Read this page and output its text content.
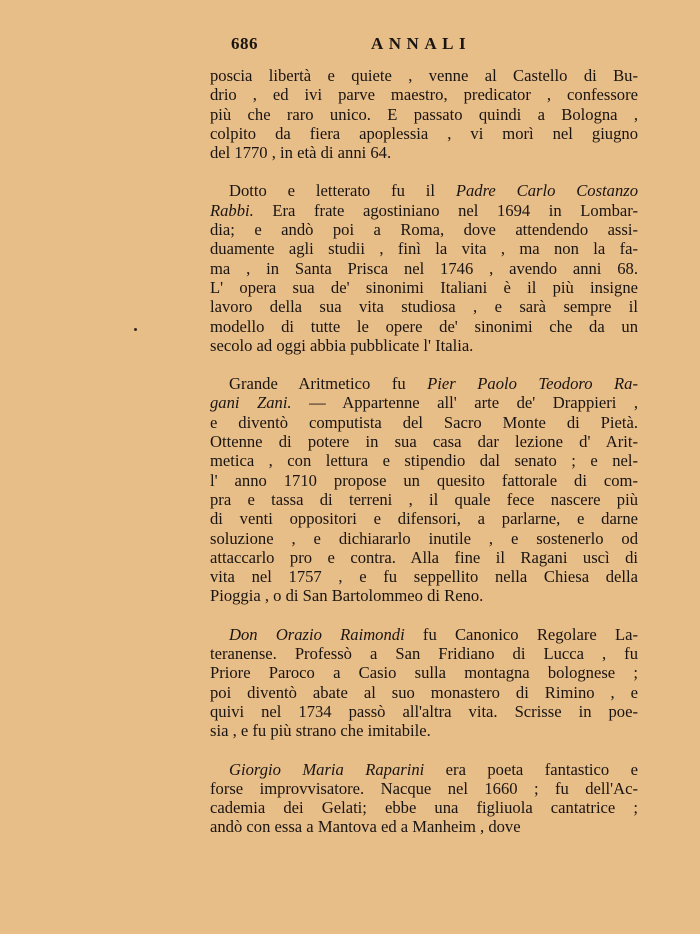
686	ANNALI
poscia libertà e quiete , venne al Castello di Bu-
drio , ed ivi parve maestro, predicator , confessore
più che raro unico. E passato quindi a Bologna ,
colpito da fiera apoplessia , vi morì nel giugno
del 1770 , in età di anni 64.
Dotto e letterato fu il Padre Carlo Costanzo
Rabbi. Era frate agostiniano nel 1694 in Lombar-
dia; e andò poi a Roma, dove attendendo assi-
duamente agli studii , finì la vita , ma non la fa-
ma , in Santa Prisca nel 1746 , avendo anni 68.
L' opera sua de' sinonimi Italiani è il più insigne
lavoro della sua vita studiosa , e sarà sempre il
modello di tutte le opere de' sinonimi che da un
secolo ad oggi abbia pubblicate l' Italia.
Grande Aritmetico fu Pier Paolo Teodoro Ra-
gani Zani. — Appartenne all' arte de' Drappieri ,
e diventò computista del Sacro Monte di Pietà.
Ottenne di potere in sua casa dar lezione d' Arit-
metica , con lettura e stipendio dal senato ; e nel-
l' anno 1710 propose un quesito fattorale di com-
pra e tassa di terreni , il quale fece nascere più
di venti oppositori e difensori, a parlarne, e darne
soluzione , e dichiararlo inutile , e sostenerlo od
attaccarlo pro e contra. Alla fine il Ragani uscì di
vita nel 1757 , e fu seppellito nella Chiesa della
Pioggia , o di San Bartolommeo di Reno.
Don Orazio Raimondi fu Canonico Regolare La-
teranense. Professò a San Fridiano di Lucca , fu
Priore Paroco a Casio sulla montagna bolognese ;
poi diventò abate al suo monastero di Rimino , e
quivi nel 1734 passò all'altra vita. Scrisse in poe-
sia , e fu più strano che imitabile.
Giorgio Maria Raparini era poeta fantastico e
forse improvvisatore. Nacque nel 1660 ; fu dell'Ac-
cademia dei Gelati; ebbe una figliuola cantatrice ;
andò con essa a Mantova ed a Manheim , dove
